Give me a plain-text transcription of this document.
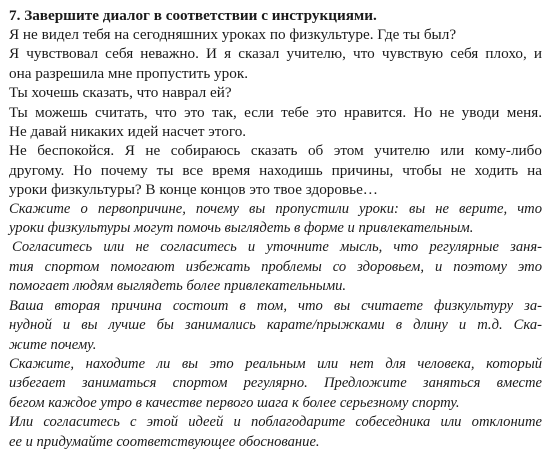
7. Завершите диалог в соответствии с инструкциями.

Я не видел тебя на сегодняшних уроках по физкультуре. Где ты был?

Я чувствовал себя неважно. И я сказал учителю, что чувствую себя плохо, и

она разрешила мне пропустить урок.

Ты хочешь сказать, что наврал ей?

Ты можешь считать, что это так, если тебе это нравится. Но не уводи меня.

Не давай никаких идей насчет этого.

Не беспокойся. Я не собираюсь сказать об этом учителю или кому-либо

другому. Но почему ты все время находишь причины, чтобы не ходить на

уроки физкультуры? В конце концов это твое здоровье…

Скажите о первопричине, почему вы пропустили уроки: вы не верите, что

уроки физкультуры могут помочь выглядеть в форме и привлекательным.

Согласитесь или не согласитесь и уточните мысль, что регулярные заня-

тия спортом помогают избежать проблемы со здоровьем, и поэтому это

помогает людям выглядеть более привлекательными.

Ваша вторая причина состоит в том, что вы считаете физкультуру за-

нудной и вы лучше бы занимались карате/прыжками в длину и т.д. Ска-

жите почему.

Скажите, находите ли вы это реальным или нет для человека, который

избегает заниматься спортом регулярно. Предложите заняться вместе

бегом каждое утро в качестве первого шага к более серьезному спорту.

Или согласитесь с этой идеей и поблагодарите собеседника или отклоните

ее и придумайте соответствующее обоснование.
